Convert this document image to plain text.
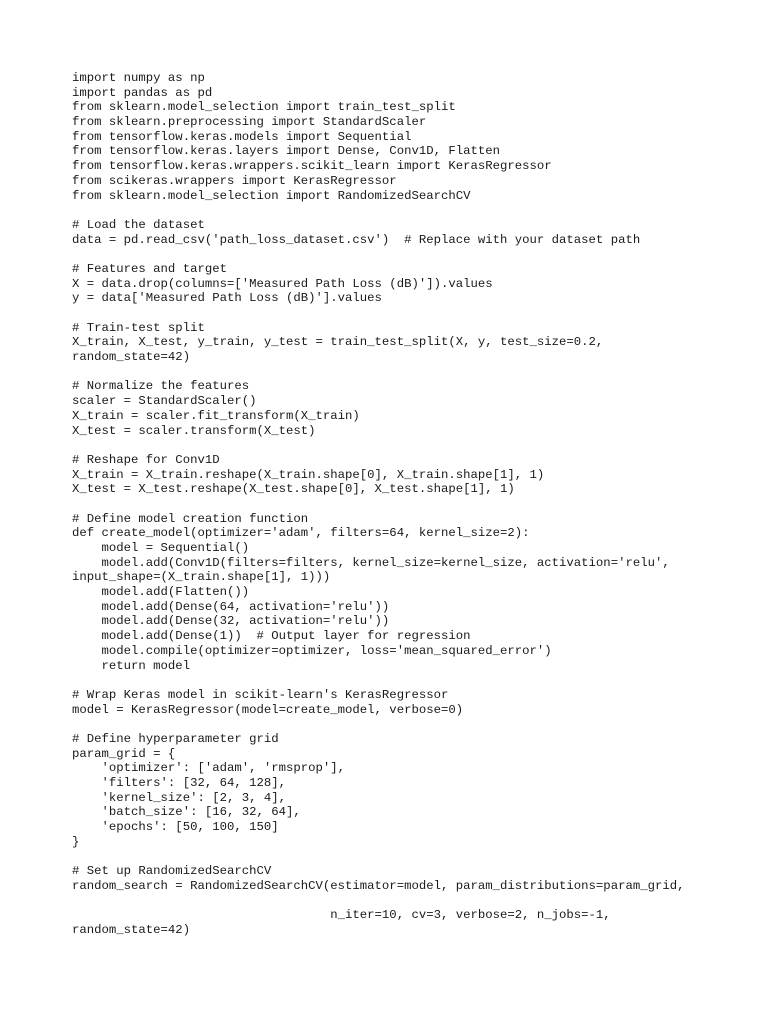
import numpy as np
import pandas as pd
from sklearn.model_selection import train_test_split
from sklearn.preprocessing import StandardScaler
from tensorflow.keras.models import Sequential
from tensorflow.keras.layers import Dense, Conv1D, Flatten
from tensorflow.keras.wrappers.scikit_learn import KerasRegressor
from scikeras.wrappers import KerasRegressor
from sklearn.model_selection import RandomizedSearchCV
# Load the dataset
data = pd.read_csv('path_loss_dataset.csv')  # Replace with your dataset path
# Features and target
X = data.drop(columns=['Measured Path Loss (dB)']).values
y = data['Measured Path Loss (dB)'].values
# Train-test split
X_train, X_test, y_train, y_test = train_test_split(X, y, test_size=0.2,
random_state=42)
# Normalize the features
scaler = StandardScaler()
X_train = scaler.fit_transform(X_train)
X_test = scaler.transform(X_test)
# Reshape for Conv1D
X_train = X_train.reshape(X_train.shape[0], X_train.shape[1], 1)
X_test = X_test.reshape(X_test.shape[0], X_test.shape[1], 1)
# Define model creation function
def create_model(optimizer='adam', filters=64, kernel_size=2):
model = Sequential()
model.add(Conv1D(filters=filters, kernel_size=kernel_size, activation='relu',
input_shape=(X_train.shape[1], 1)))
model.add(Flatten())
model.add(Dense(64, activation='relu'))
model.add(Dense(32, activation='relu'))
model.add(Dense(1))  # Output layer for regression
model.compile(optimizer=optimizer, loss='mean_squared_error')
return model
# Wrap Keras model in scikit-learn's KerasRegressor
model = KerasRegressor(model=create_model, verbose=0)
# Define hyperparameter grid
param_grid = {
'optimizer': ['adam', 'rmsprop'],
'filters': [32, 64, 128],
'kernel_size': [2, 3, 4],
'batch_size': [16, 32, 64],
'epochs': [50, 100, 150]
}
# Set up RandomizedSearchCV
random_search = RandomizedSearchCV(estimator=model, param_distributions=param_grid,
n_iter=10, cv=3, verbose=2, n_jobs=-1,
random_state=42)
